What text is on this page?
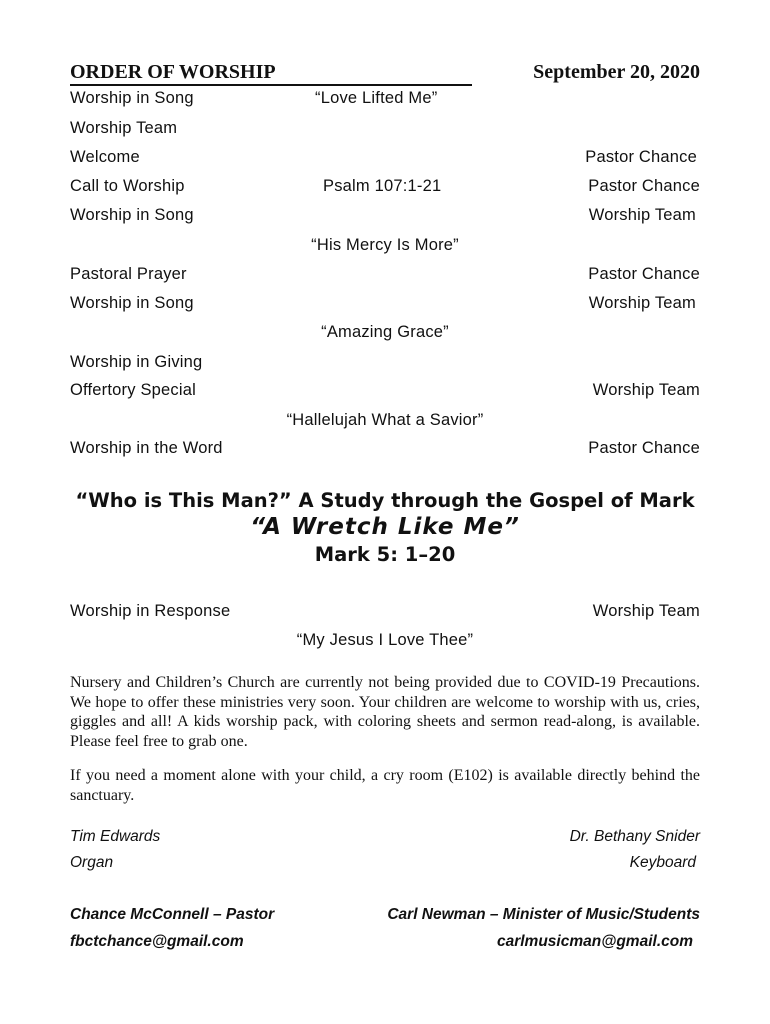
ORDER OF WORSHIP	September 20, 2020
Worship in Song	“Love Lifted Me”
Worship Team
Welcome	Pastor Chance
Call to Worship	Psalm 107:1-21	Pastor Chance
Worship in Song	Worship Team
“His Mercy Is More”
Pastoral Prayer	Pastor Chance
Worship in Song	Worship Team
“Amazing Grace”
Worship in Giving
Offertory Special	Worship Team
“Hallelujah What a Savior”
Worship in the Word	Pastor Chance
“Who is This Man?” A Study through the Gospel of Mark
“A Wretch Like Me”
Mark 5: 1–20
Worship in Response	Worship Team
“My Jesus I Love Thee”
Nursery and Children’s Church are currently not being provided due to COVID-19 Precautions. We hope to offer these ministries very soon. Your children are welcome to worship with us, cries, giggles and all! A kids worship pack, with coloring sheets and sermon read-along, is available. Please feel free to grab one.
If you need a moment alone with your child, a cry room (E102) is available directly behind the sanctuary.
Tim Edwards	Dr. Bethany Snider
Organ	Keyboard
Chance McConnell – Pastor	Carl Newman – Minister of Music/Students
fbctchance@gmail.com	carlmusicman@gmail.com
